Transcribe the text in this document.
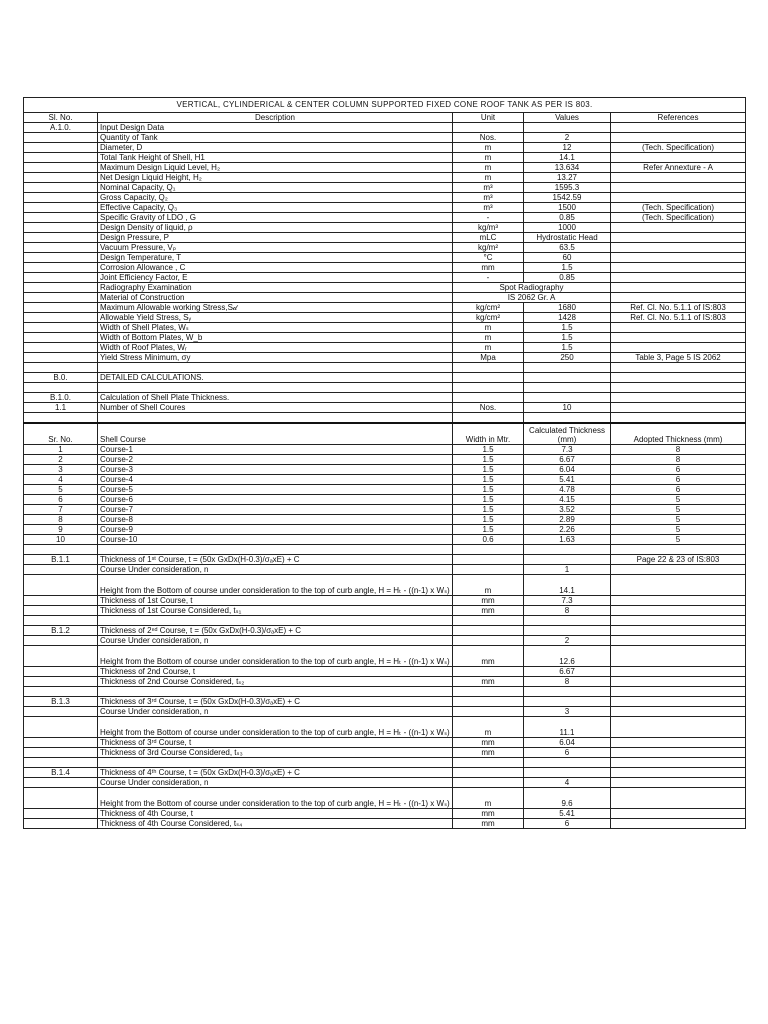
VERTICAL, CYLINDERICAL & CENTER COLUMN SUPPORTED FIXED CONE ROOF TANK AS PER IS 803.				
Sl. No.	Description	Unit	Values	References
A.1.0.	Input Design Data			
	Quantity of Tank	Nos.	2	
	Diameter, D	m	12	(Tech. Specification)
	Total Tank Height of Shell, H1	m	14.1	
	Maximum Design Liquid Level, H₂	m	13.634	Refer Annexture - A
	Net Design Liquid Height, H₂	m	13.27	
	Nominal Capacity, Q₁	m³	1595.3	
	Gross Capacity, Q₂	m³	1542.59	
	Effective Capacity, Q₃	m³	1500	(Tech. Specification)
	Specific Gravity of LDO , G	-	0.85	(Tech. Specification)
	Design Density of liquid, ρ	kg/m³	1000	
	Design Pressure, P	mLC	Hydrostatic Head	
	Vacuum Pressure, Vₚ	kg/m²	63.5	
	Design Temperature, T	°C	60	
	Corrosion Allowance , C	mm	1.5	
	Joint Efficiency Factor, E	-	0.85	
	Radiography Examination	Spot Radiography		
	Material of Construction	IS 2062 Gr. A		
	Maximum Allowable working Stress,S𝒹	kg/cm²	1680	Ref. Cl. No. 5.1.1 of IS:803
	Allowable Yield Stress, Sᵧ	kg/cm²	1428	Ref. Cl. No. 5.1.1 of IS:803
	Width of Shell Plates, Wₛ	m	1.5	
	Width of Bottom Plates, W_b	m	1.5	
	Width of Roof Plates, Wᵣ	m	1.5	
	Yield Stress Minimum, σy	Mpa	250	Table 3, Page 5 IS 2062

B.0.	DETAILED CALCULATIONS.			

B.1.0.	Calculation of Shell Plate Thickness.			
1.1	Number of Shell Coures	Nos.	10	

Sr. No.	Shell Course	Width in Mtr.	Calculated Thickness (mm)	Adopted Thickness (mm)
1	Course-1	1.5	7.3	8
2	Course-2	1.5	6.67	8
3	Course-3	1.5	6.04	6
4	Course-4	1.5	5.41	6
5	Course-5	1.5	4.78	6
6	Course-6	1.5	4.15	5
7	Course-7	1.5	3.52	5
8	Course-8	1.5	2.89	5
9	Course-9	1.5	2.26	5
10	Course-10	0.6	1.63	5

B.1.1	Thickness of 1ˢᵗ Course, t = (50x GxDx(H-0.3)/σₐxE) + C			Page 22 & 23 of IS:803
	Course Under consideration, n		1	
	Height from the Bottom of course under consideration to the top of curb angle, H = Hₜ - ((n-1) x Wₛ)	m	14.1	
	Thickness of 1st Course, t	mm	7.3	
	Thickness of 1st Course Considered, tₛ₁	mm	8	

B.1.2	Thickness of 2ⁿᵈ Course, t = (50x GxDx(H-0.3)/σₐxE) + C			
	Course Under consideration, n		2	
	Height from the Bottom of course under consideration to the top of curb angle, H = Hₜ - ((n-1) x Wₛ)	mm	12.6	
	Thickness of 2nd Course, t		6.67	
	Thickness of 2nd Course Considered, tₛ₂	mm	8	

B.1.3	Thickness of 3ʳᵈ Course, t = (50x GxDx(H-0.3)/σₐxE) + C			
	Course Under consideration, n		3	
	Height from the Bottom of course under consideration to the top of curb angle, H = Hₜ - ((n-1) x Wₛ)	m	11.1	
	Thickness of 3ʳᵈ Course, t	mm	6.04	
	Thickness of 3rd Course Considered, tₛ₃	mm	6	

B.1.4	Thickness of 4ᵗʰ Course, t = (50x GxDx(H-0.3)/σₐxE) + C			
	Course Under consideration, n		4	
	Height from the Bottom of course under consideration to the top of curb angle, H = Hₜ - ((n-1) x Wₛ)	m	9.6	
	Thickness of 4th Course, t	mm	5.41	
	Thickness of 4th Course Considered, tₛ₄	mm	6	
